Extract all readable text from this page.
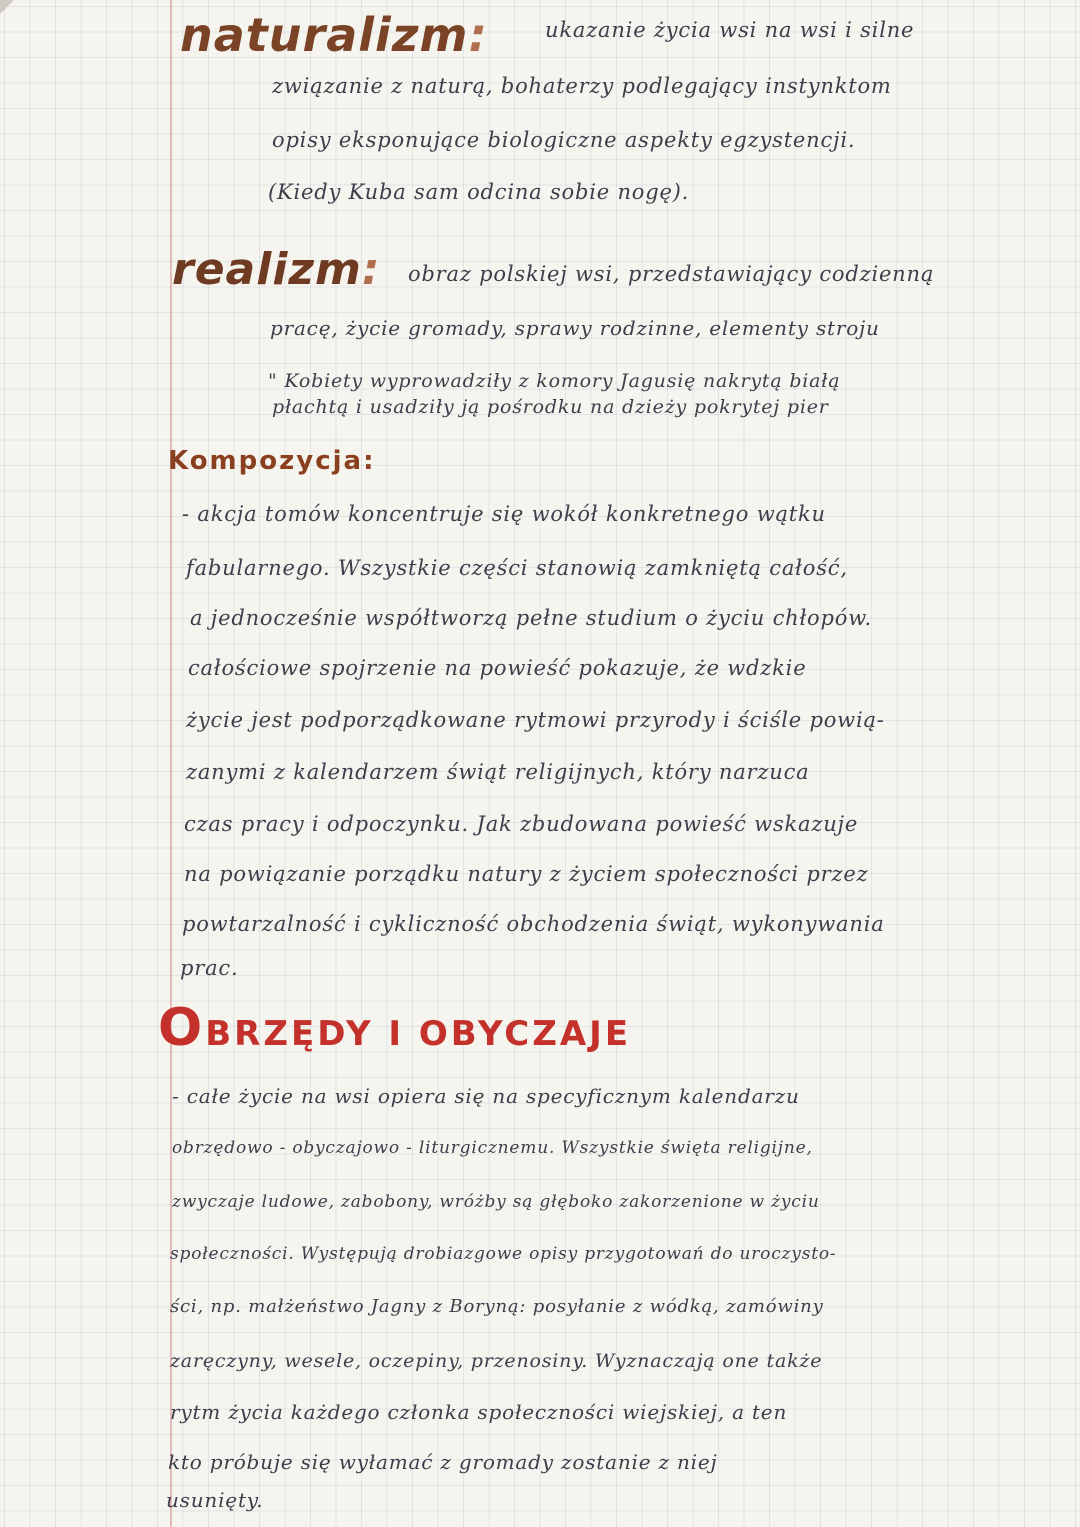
naturalizm:	ukazanie życia wsi na wsi i silne
związanie z naturą, bohaterzy podlegający instynktom
opisy eksponujące biologiczne aspekty egzystencji.
(Kiedy Kuba sam odcina sobie nogę).
realizm: obraz polskiej wsi, przedstawiający codzienną
pracę, życie gromady, sprawy rodzinne, elementy stroju
" Kobiety wyprowadziły z komory Jagusię nakrytą białą
płachtą i usadziły ją pośrodku na dzieży pokrytej pier
Kompozycja:
- akcja tomów koncentruje się wokół konkretnego wątku
fabularnego. Wszystkie części stanowią zamkniętą całość,
a jednocześnie współtworzą pełne studium o życiu chłopów.
całościowe spojrzenie na powieść pokazuje, że wdzkie
życie jest podporządkowane rytmowi przyrody i ściśle powią-
zanymi z kalendarzem świąt religijnych, który narzuca
czas pracy i odpoczynku. Jak zbudowana powieść wskazuje
na powiązanie porządku natury z życiem społeczności przez
powtarzalność i cykliczność obchodzenia świąt, wykonywania
prac.
OBRZĘDY I OBYCZAJE
- całe życie na wsi opiera się na specyficznym kalendarzu
obrzędowo - obyczajowo - liturgicznemu. Wszystkie święta religijne,
zwyczaje ludowe, zabobony, wróżby są głęboko zakorzenione w życiu
społeczności. Występują drobiazgowe opisy przygotowań do uroczysto-
ści, np. małżeństwo Jagny z Boryną: posyłanie z wódką, zamówiny
zaręczyny, wesele, oczepiny, przenosiny. Wyznaczają one także
rytm życia każdego członka społeczności wiejskiej, a ten
kto próbuje się wyłamać z gromady zostanie z niej
usunięty.
